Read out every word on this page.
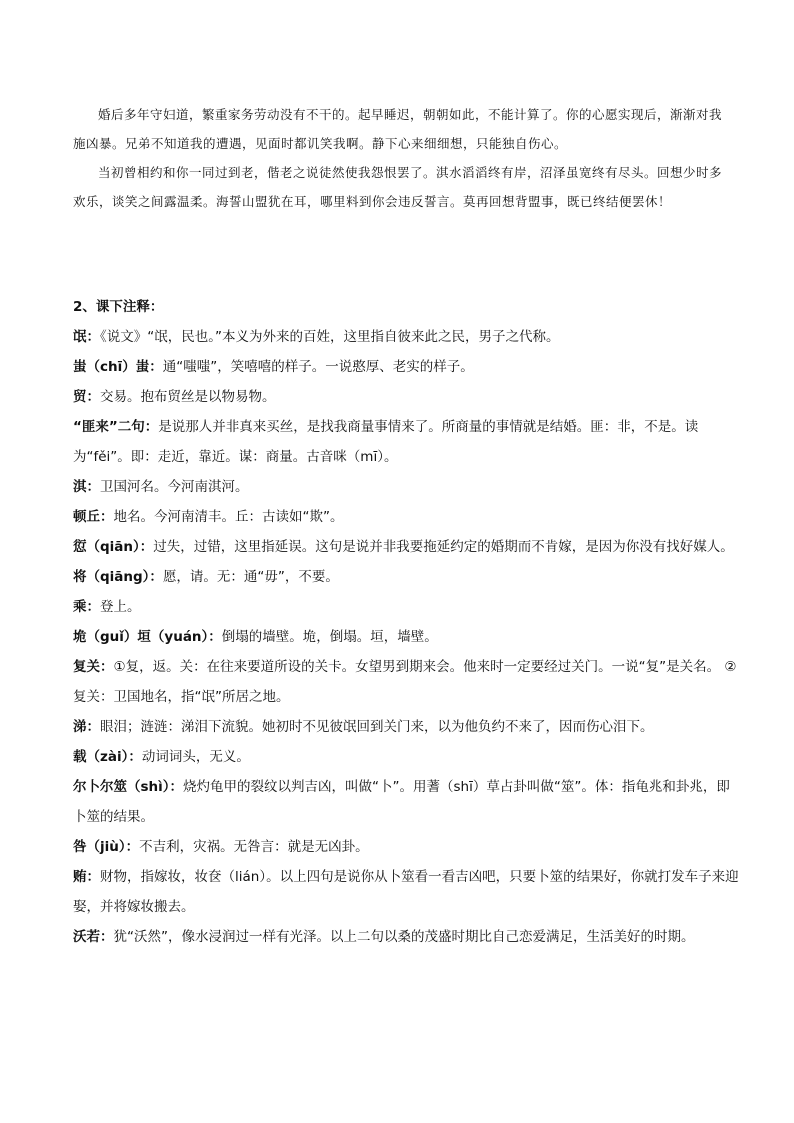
婚后多年守妇道，繁重家务劳动没有不干的。起早睡迟，朝朝如此，不能计算了。你的心愿实现后，渐渐对我施凶暴。兄弟不知道我的遭遇，见面时都讥笑我啊。静下心来细细想，只能独自伤心。

当初曾相约和你一同过到老，偕老之说徒然使我怨恨罢了。淇水滔滔终有岸，沼泽虽宽终有尽头。回想少时多欢乐，谈笑之间露温柔。海誓山盟犹在耳，哪里料到你会违反誓言。莫再回想背盟事，既已终结便罢休！

2、课下注释：

氓：《说文》“氓，民也。”本义为外来的百姓，这里指自彼来此之民，男子之代称。

蚩（chī）蚩：通“嗤嗤”，笑嘻嘻的样子。一说憨厚、老实的样子。

贸：交易。抱布贸丝是以物易物。

“匪来”二句：是说那人并非真来买丝，是找我商量事情来了。所商量的事情就是结婚。匪：非，不是。读为“fěi”。即：走近，靠近。谋：商量。古音咪（mī）。

淇：卫国河名。今河南淇河。

顿丘：地名。今河南清丰。丘：古读如“欺”。

愆（qiān）：过失，过错，这里指延误。这句是说并非我要拖延约定的婚期而不肯嫁，是因为你没有找好媒人。

将（qiāng）：愿，请。无：通“毋”，不要。

乘：登上。

垝（guǐ）垣（yuán）：倒塌的墙壁。垝，倒塌。垣，墙壁。

复关：①复，返。关：在往来要道所设的关卡。女望男到期来会。他来时一定要经过关门。一说“复”是关名。 ②复关：卫国地名，指“氓”所居之地。

涕：眼泪；涟涟：涕泪下流貌。她初时不见彼氓回到关门来，以为他负约不来了，因而伤心泪下。

载（zài）：动词词头，无义。

尔卜尔筮（shì）：烧灼龟甲的裂纹以判吉凶，叫做“卜”。用蓍（shī）草占卦叫做“筮”。体：指龟兆和卦兆，即卜筮的结果。

咎（jiù）：不吉利，灾祸。无咎言：就是无凶卦。

贿：财物，指嫁妆，妆奁（lián）。以上四句是说你从卜筮看一看吉凶吧，只要卜筮的结果好，你就打发车子来迎娶，并将嫁妆搬去。

沃若：犹“沃然”，像水浸润过一样有光泽。以上二句以桑的茂盛时期比自己恋爱满足，生活美好的时期。
